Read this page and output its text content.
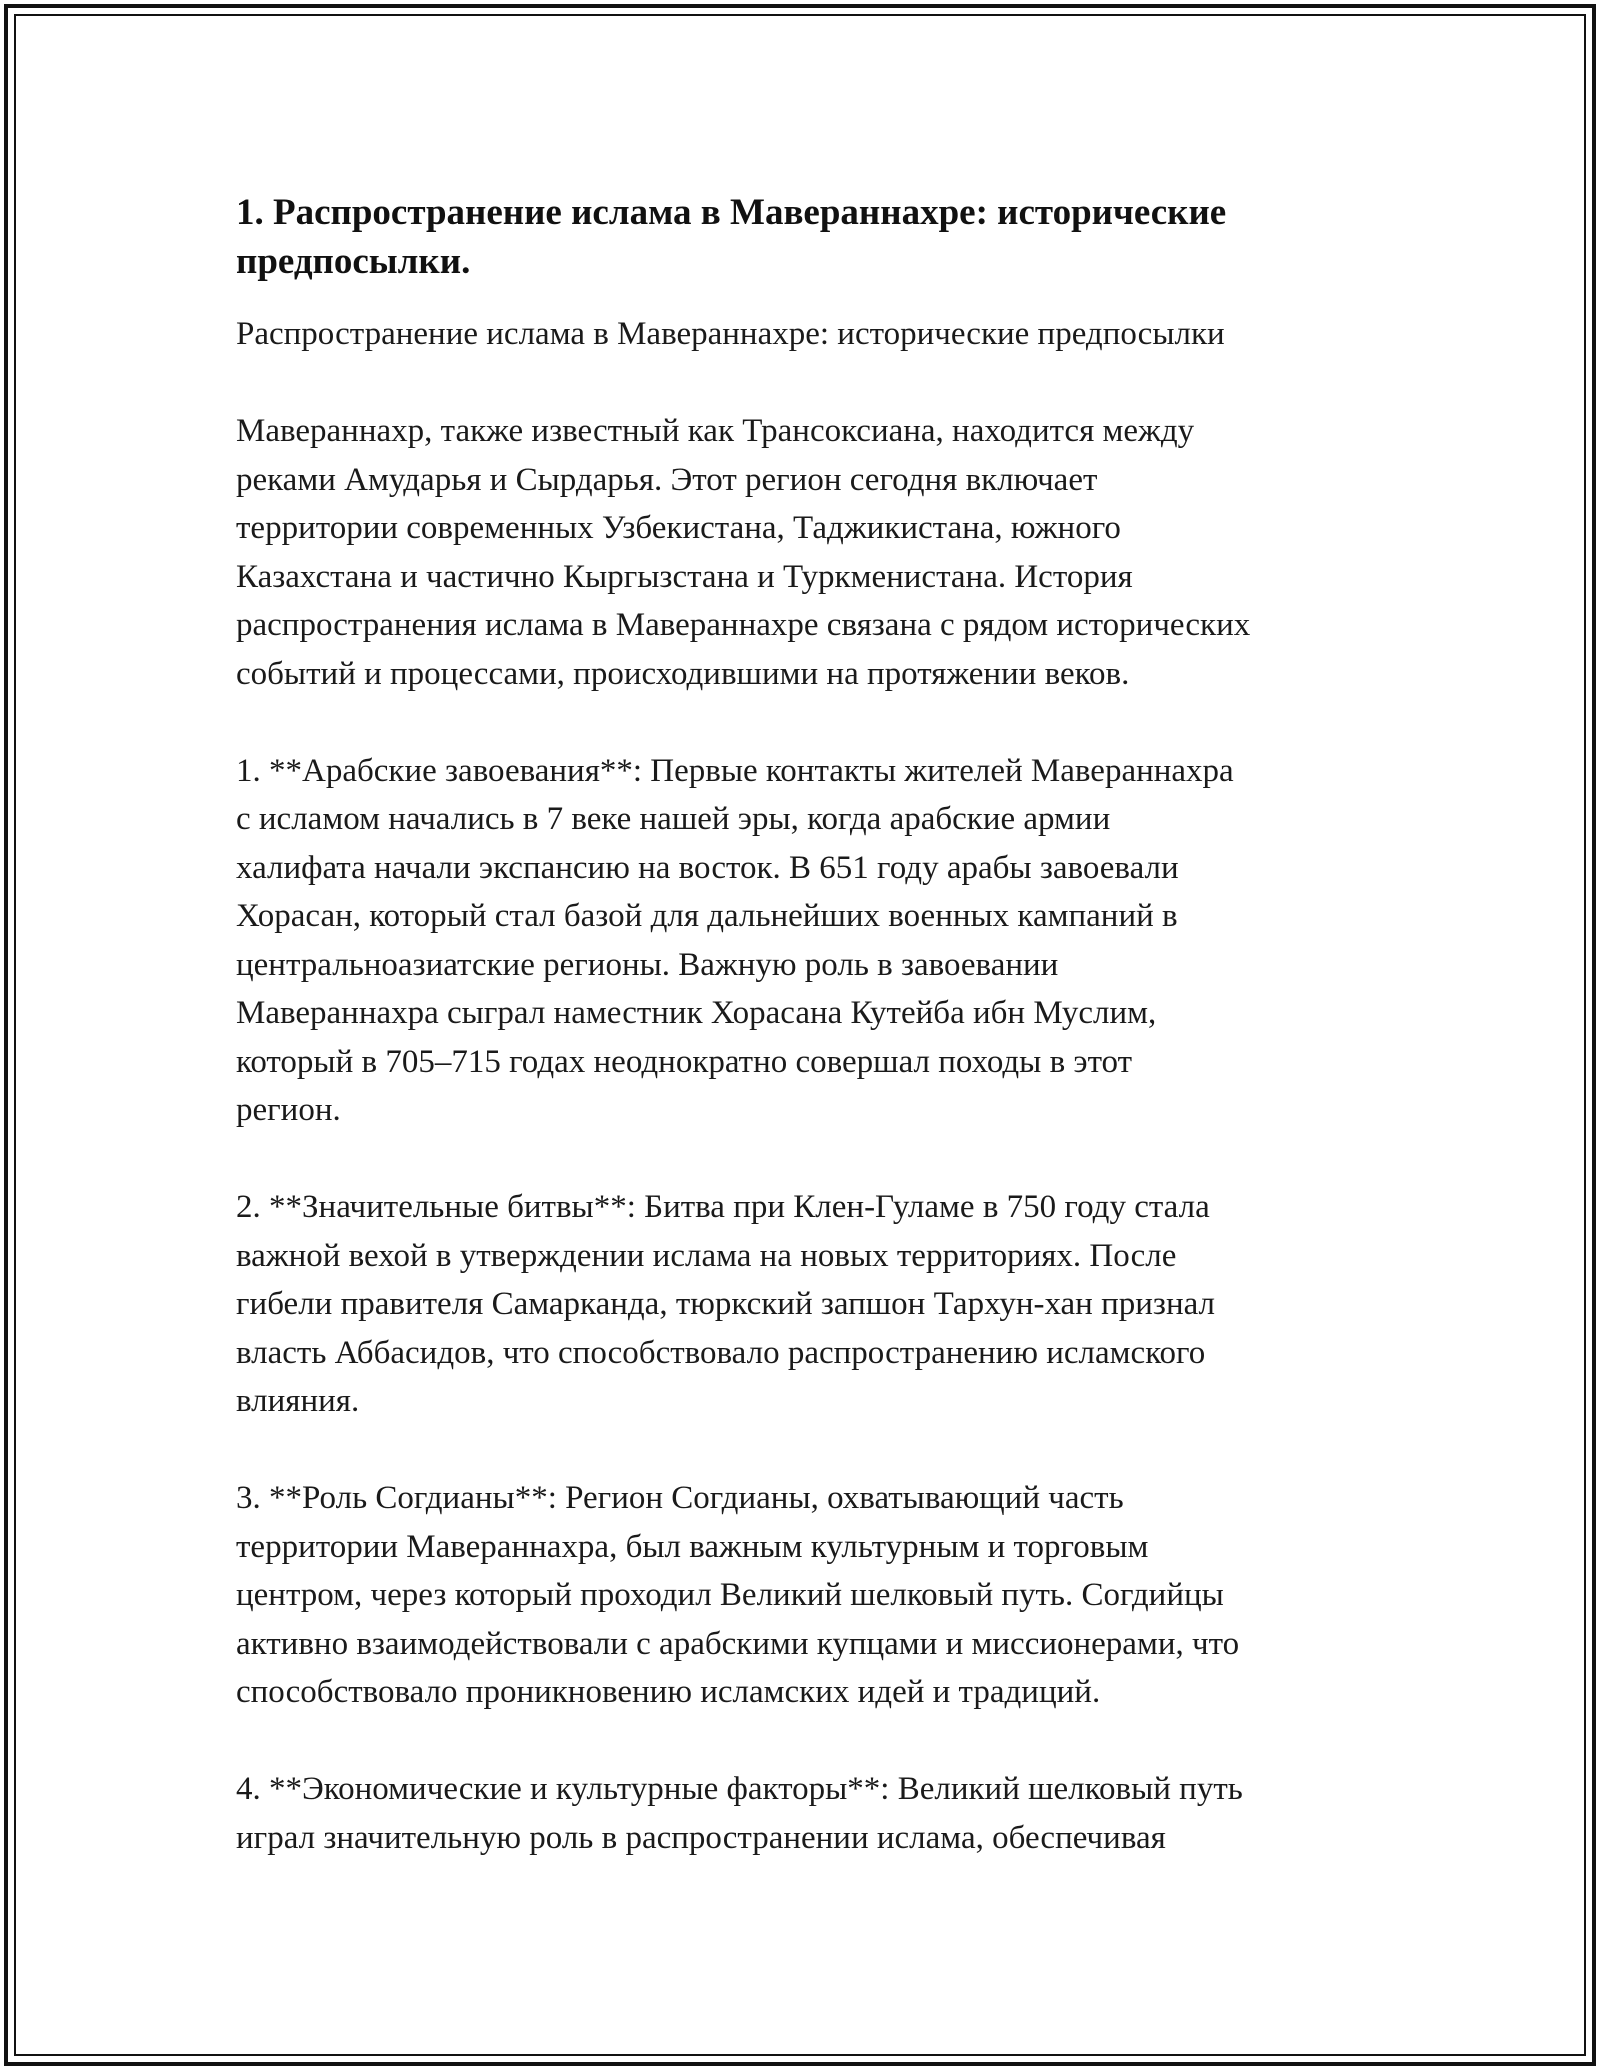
1. Распространение ислама в Мавераннахре: исторические предпосылки.
Распространение ислама в Мавераннахре: исторические предпосылки

Мавераннахр, также известный как Трансоксиана, находится между
реками Амударья и Сырдарья. Этот регион сегодня включает
территории современных Узбекистана, Таджикистана, южного
Казахстана и частично Кыргызстана и Туркменистана. История
распространения ислама в Мавераннахре связана с рядом исторических
событий и процессами, происходившими на протяжении веков.

1. **Арабские завоевания**: Первые контакты жителей Мавераннахра
с исламом начались в 7 веке нашей эры, когда арабские армии
халифата начали экспансию на восток. В 651 году арабы завоевали
Хорасан, который стал базой для дальнейших военных кампаний в
центральноазиатские регионы. Важную роль в завоевании
Мавераннахра сыграл наместник Хорасана Кутейба ибн Муслим,
который в 705–715 годах неоднократно совершал походы в этот
регион.

2. **Значительные битвы**: Битва при Клен-Гуламе в 750 году стала
важной вехой в утверждении ислама на новых территориях. После
гибели правителя Самарканда, тюркский запшон Тархун-хан признал
власть Аббасидов, что способствовало распространению исламского
влияния.

3. **Роль Согдианы**: Регион Согдианы, охватывающий часть
территории Мавераннахра, был важным культурным и торговым
центром, через который проходил Великий шелковый путь. Согдийцы
активно взаимодействовали с арабскими купцами и миссионерами, что
способствовало проникновению исламских идей и традиций.

4. **Экономические и культурные факторы**: Великий шелковый путь
играл значительную роль в распространении ислама, обеспечивая
